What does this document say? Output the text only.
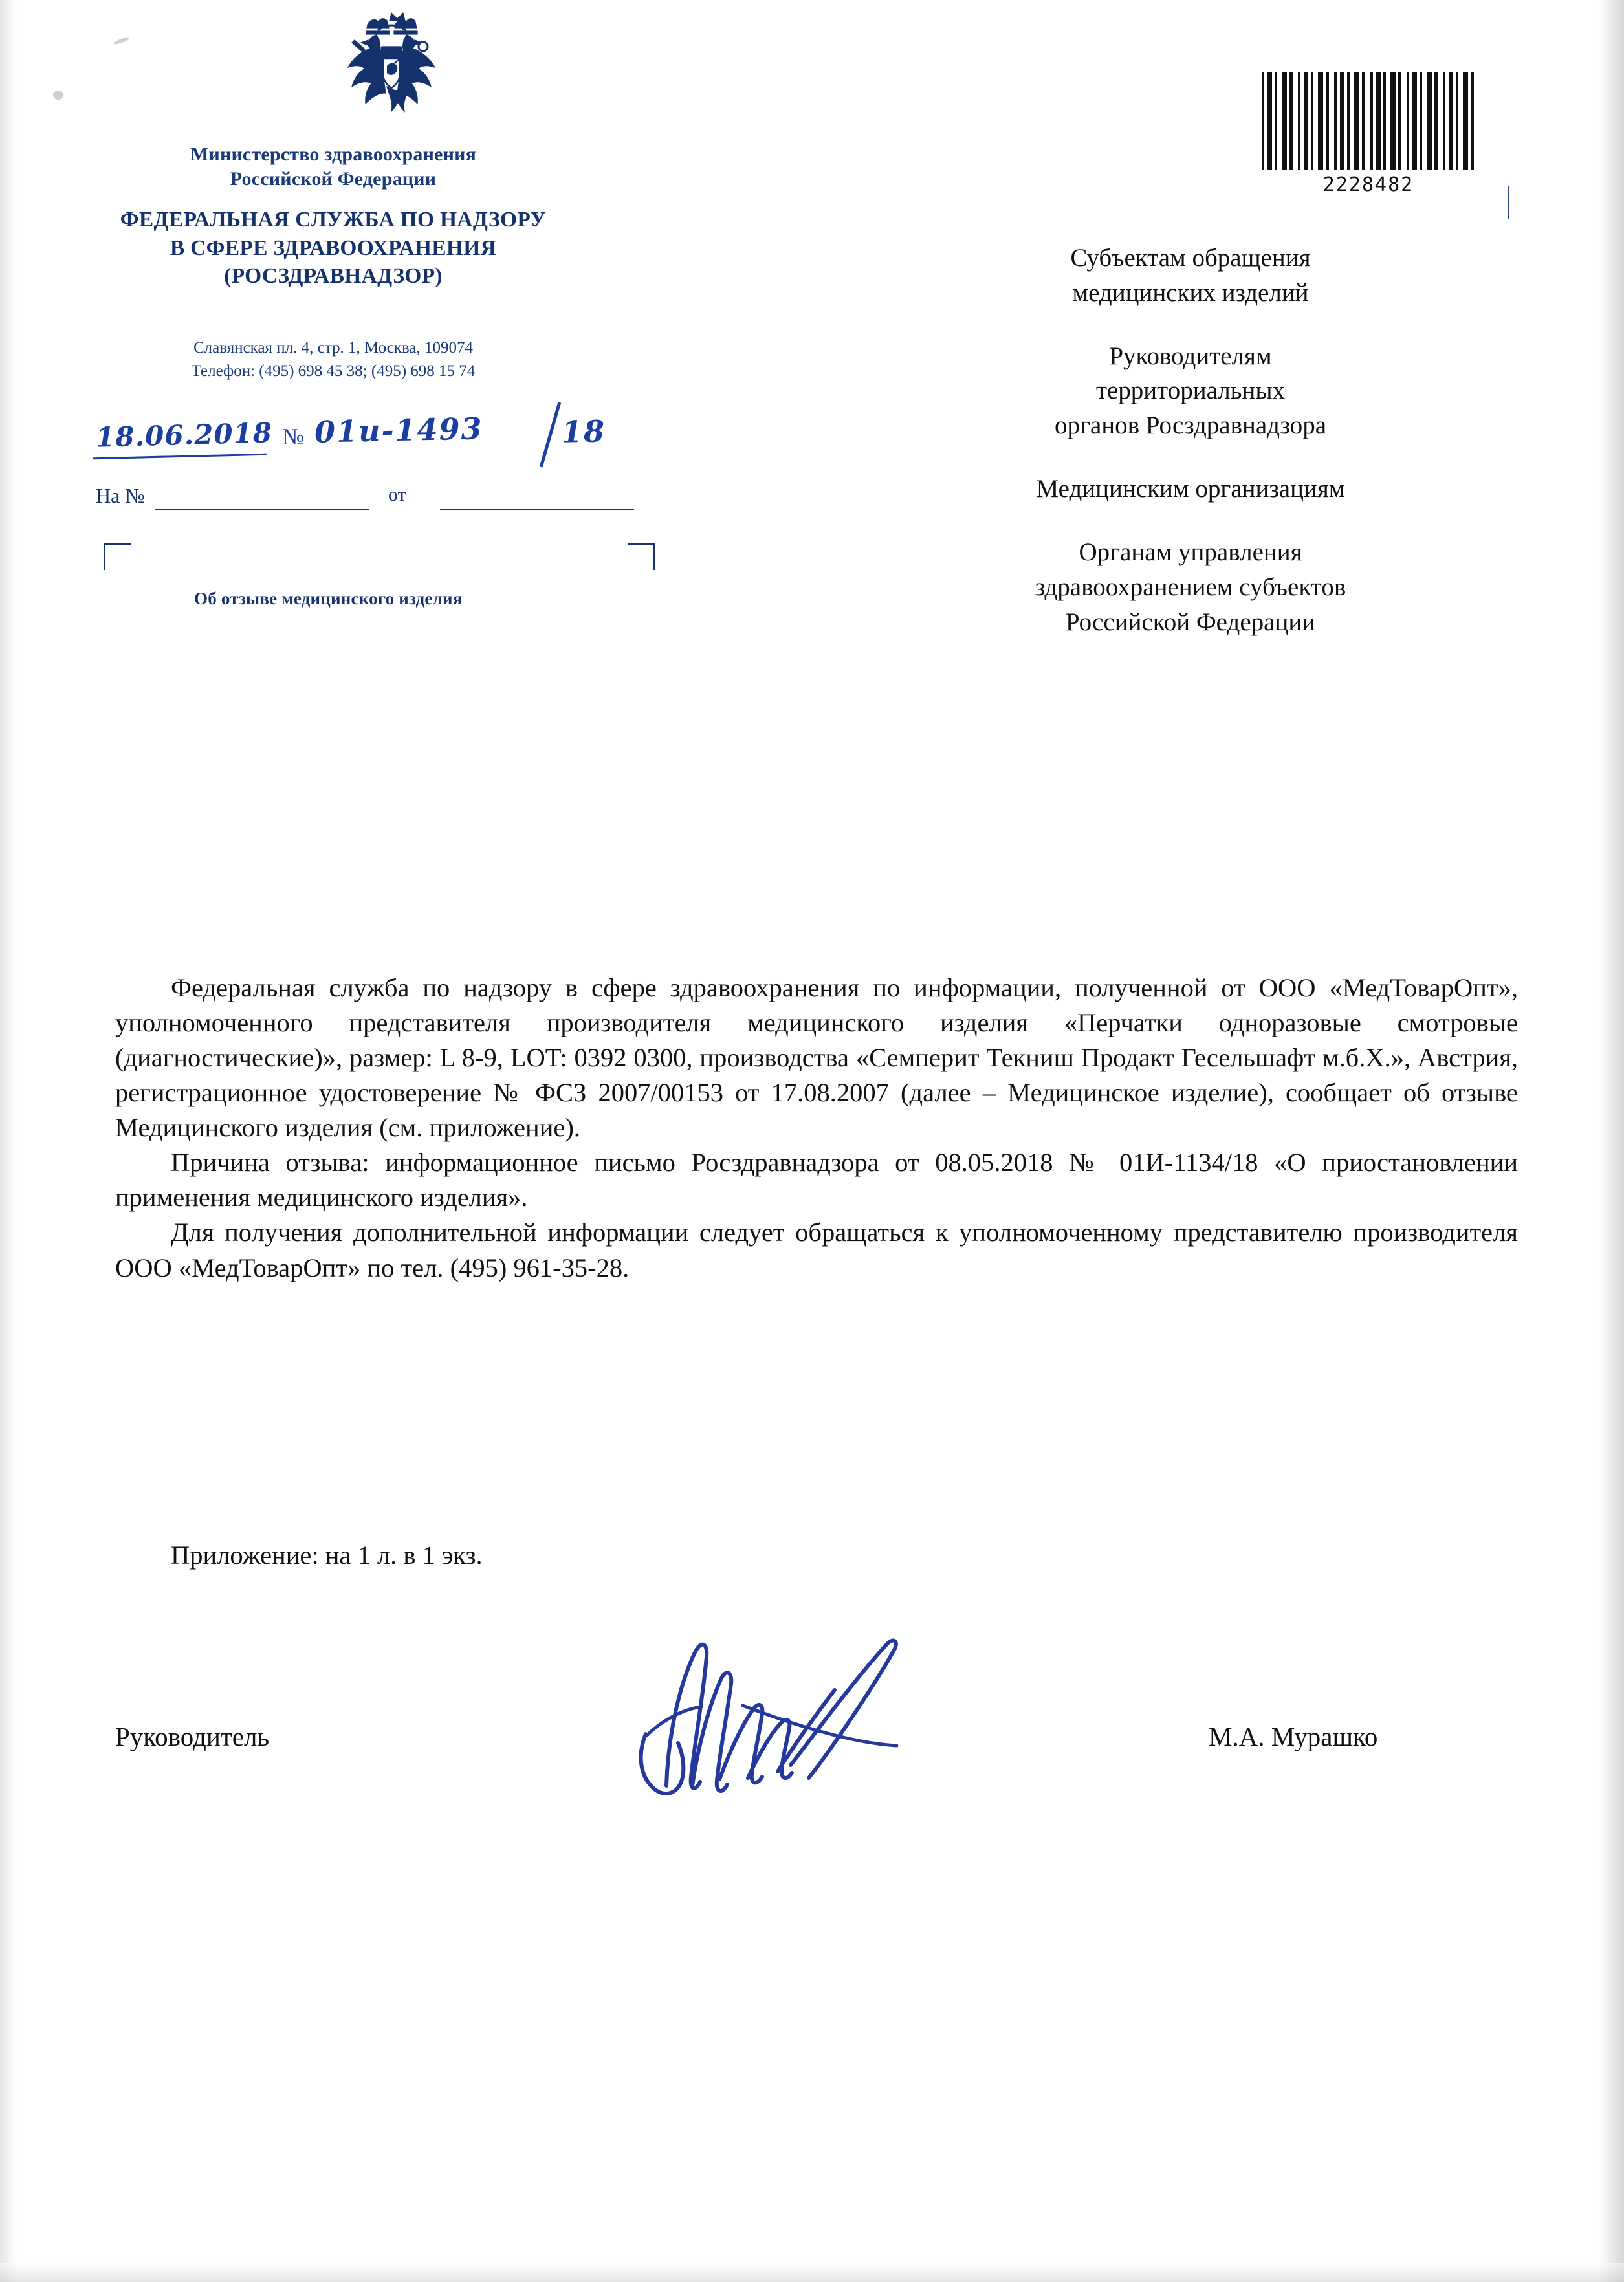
Министерство здравоохранения
Российской Федерации
ФЕДЕРАЛЬНАЯ СЛУЖБА ПО НАДЗОРУ
В СФЕРЕ ЗДРАВООХРАНЕНИЯ
(РОСЗДРАВНАДЗОР)
Славянская пл. 4, стр. 1, Москва, 109074
Телефон: (495) 698 45 38; (495) 698 15 74
18.06.2018 № 01и-1493	18
На №	от
Об отзыве медицинского изделия
2228482
Субъектам обращения
медицинских изделий
Руководителям
территориальных
органов Росздравнадзора
Медицинским организациям
Органам управления
здравоохранением субъектов
Российской Федерации

Федеральная служба по надзору в сфере здравоохранения по информации, полученной от ООО «МедТоварОпт», уполномоченного представителя производителя медицинского изделия «Перчатки одноразовые смотровые (диагностические)», размер: L 8-9, LOT: 0392 0300, производства «Семперит Текниш Продакт Гесельшафт м.б.Х.», Австрия, регистрационное удостоверение № ФСЗ 2007/00153 от 17.08.2007 (далее – Медицинское изделие), сообщает об отзыве Медицинского изделия (см. приложение).

Причина отзыва: информационное письмо Росздравнадзора от 08.05.2018 № 01И-1134/18 «О приостановлении применения медицинского изделия».

Для получения дополнительной информации следует обращаться к уполномоченному представителю производителя ООО «МедТоварОпт» по тел. (495) 961-35-28.

Приложение: на 1 л. в 1 экз.
Руководитель	М.А. Мурашко
